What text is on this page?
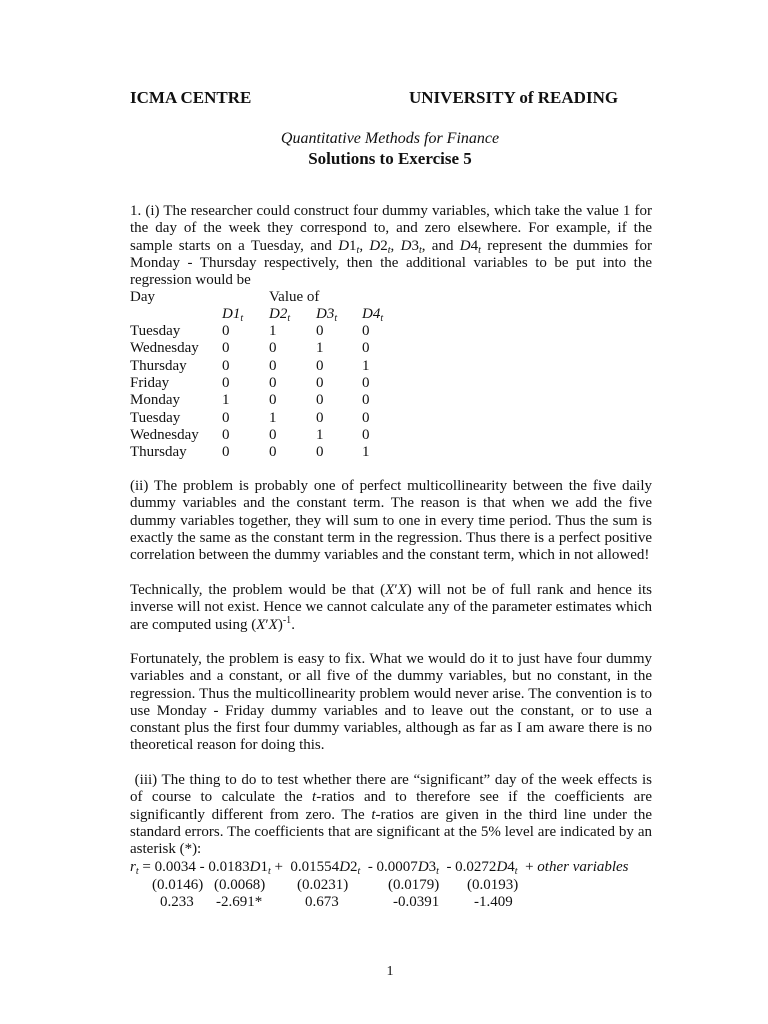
ICMA CENTRE	UNIVERSITY of READING
Quantitative Methods for Finance
Solutions to Exercise 5
1. (i) The researcher could construct four dummy variables, which take the value 1 for the day of the week they correspond to, and zero elsewhere. For example, if the sample starts on a Tuesday, and $D1_t$, $D2_t$, $D3_t$, and $D4_t$ represent the dummies for Monday - Thursday respectively, then the additional variables to be put into the regression would be
Day	Value of
$D1_t$ $D2_t$ $D3_t$ $D4_t$
Tuesday	0	1	0	0
Wednesday 0	0	1	0
Thursday 0	0	0	1
Friday	0	0	0	0
Monday	1	0	0	0
Tuesday	0	1	0	0
Wednesday 0	0	1	0
Thursday 0	0	0	1
(ii) The problem is probably one of perfect multicollinearity between the five daily dummy variables and the constant term. The reason is that when we add the five dummy variables together, they will sum to one in every time period. Thus the sum is exactly the same as the constant term in the regression. Thus there is a perfect positive correlation between the dummy variables and the constant term, which in not allowed!
Technically, the problem would be that (X′X) will not be of full rank and hence its inverse will not exist. Hence we cannot calculate any of the parameter estimates which are computed using $(X'X)^{-1}$.
Fortunately, the problem is easy to fix. What we would do it to just have four dummy variables and a constant, or all five of the dummy variables, but no constant, in the regression. Thus the multicollinearity problem would never arise. The convention is to use Monday - Friday dummy variables and to leave out the constant, or to use a constant plus the first four dummy variables, although as far as I am aware there is no theoretical reason for doing this.
(iii) The thing to do to test whether there are “significant” day of the week effects is of course to calculate the t-ratios and to therefore see if the coefficients are significantly different from zero. The t-ratios are given in the third line under the standard errors. The coefficients that are significant at the 5% level are indicated by an asterisk (*):
$r_t = 0.0034 - 0.0183D1_t + 0.01554D2_t - 0.0007D3_t - 0.0272D4_t$  + other variables
(0.0146) (0.0068) (0.0231)	(0.0179) (0.0193)
0.233 -2.691*	0.673	-0.0391 -1.409
1
